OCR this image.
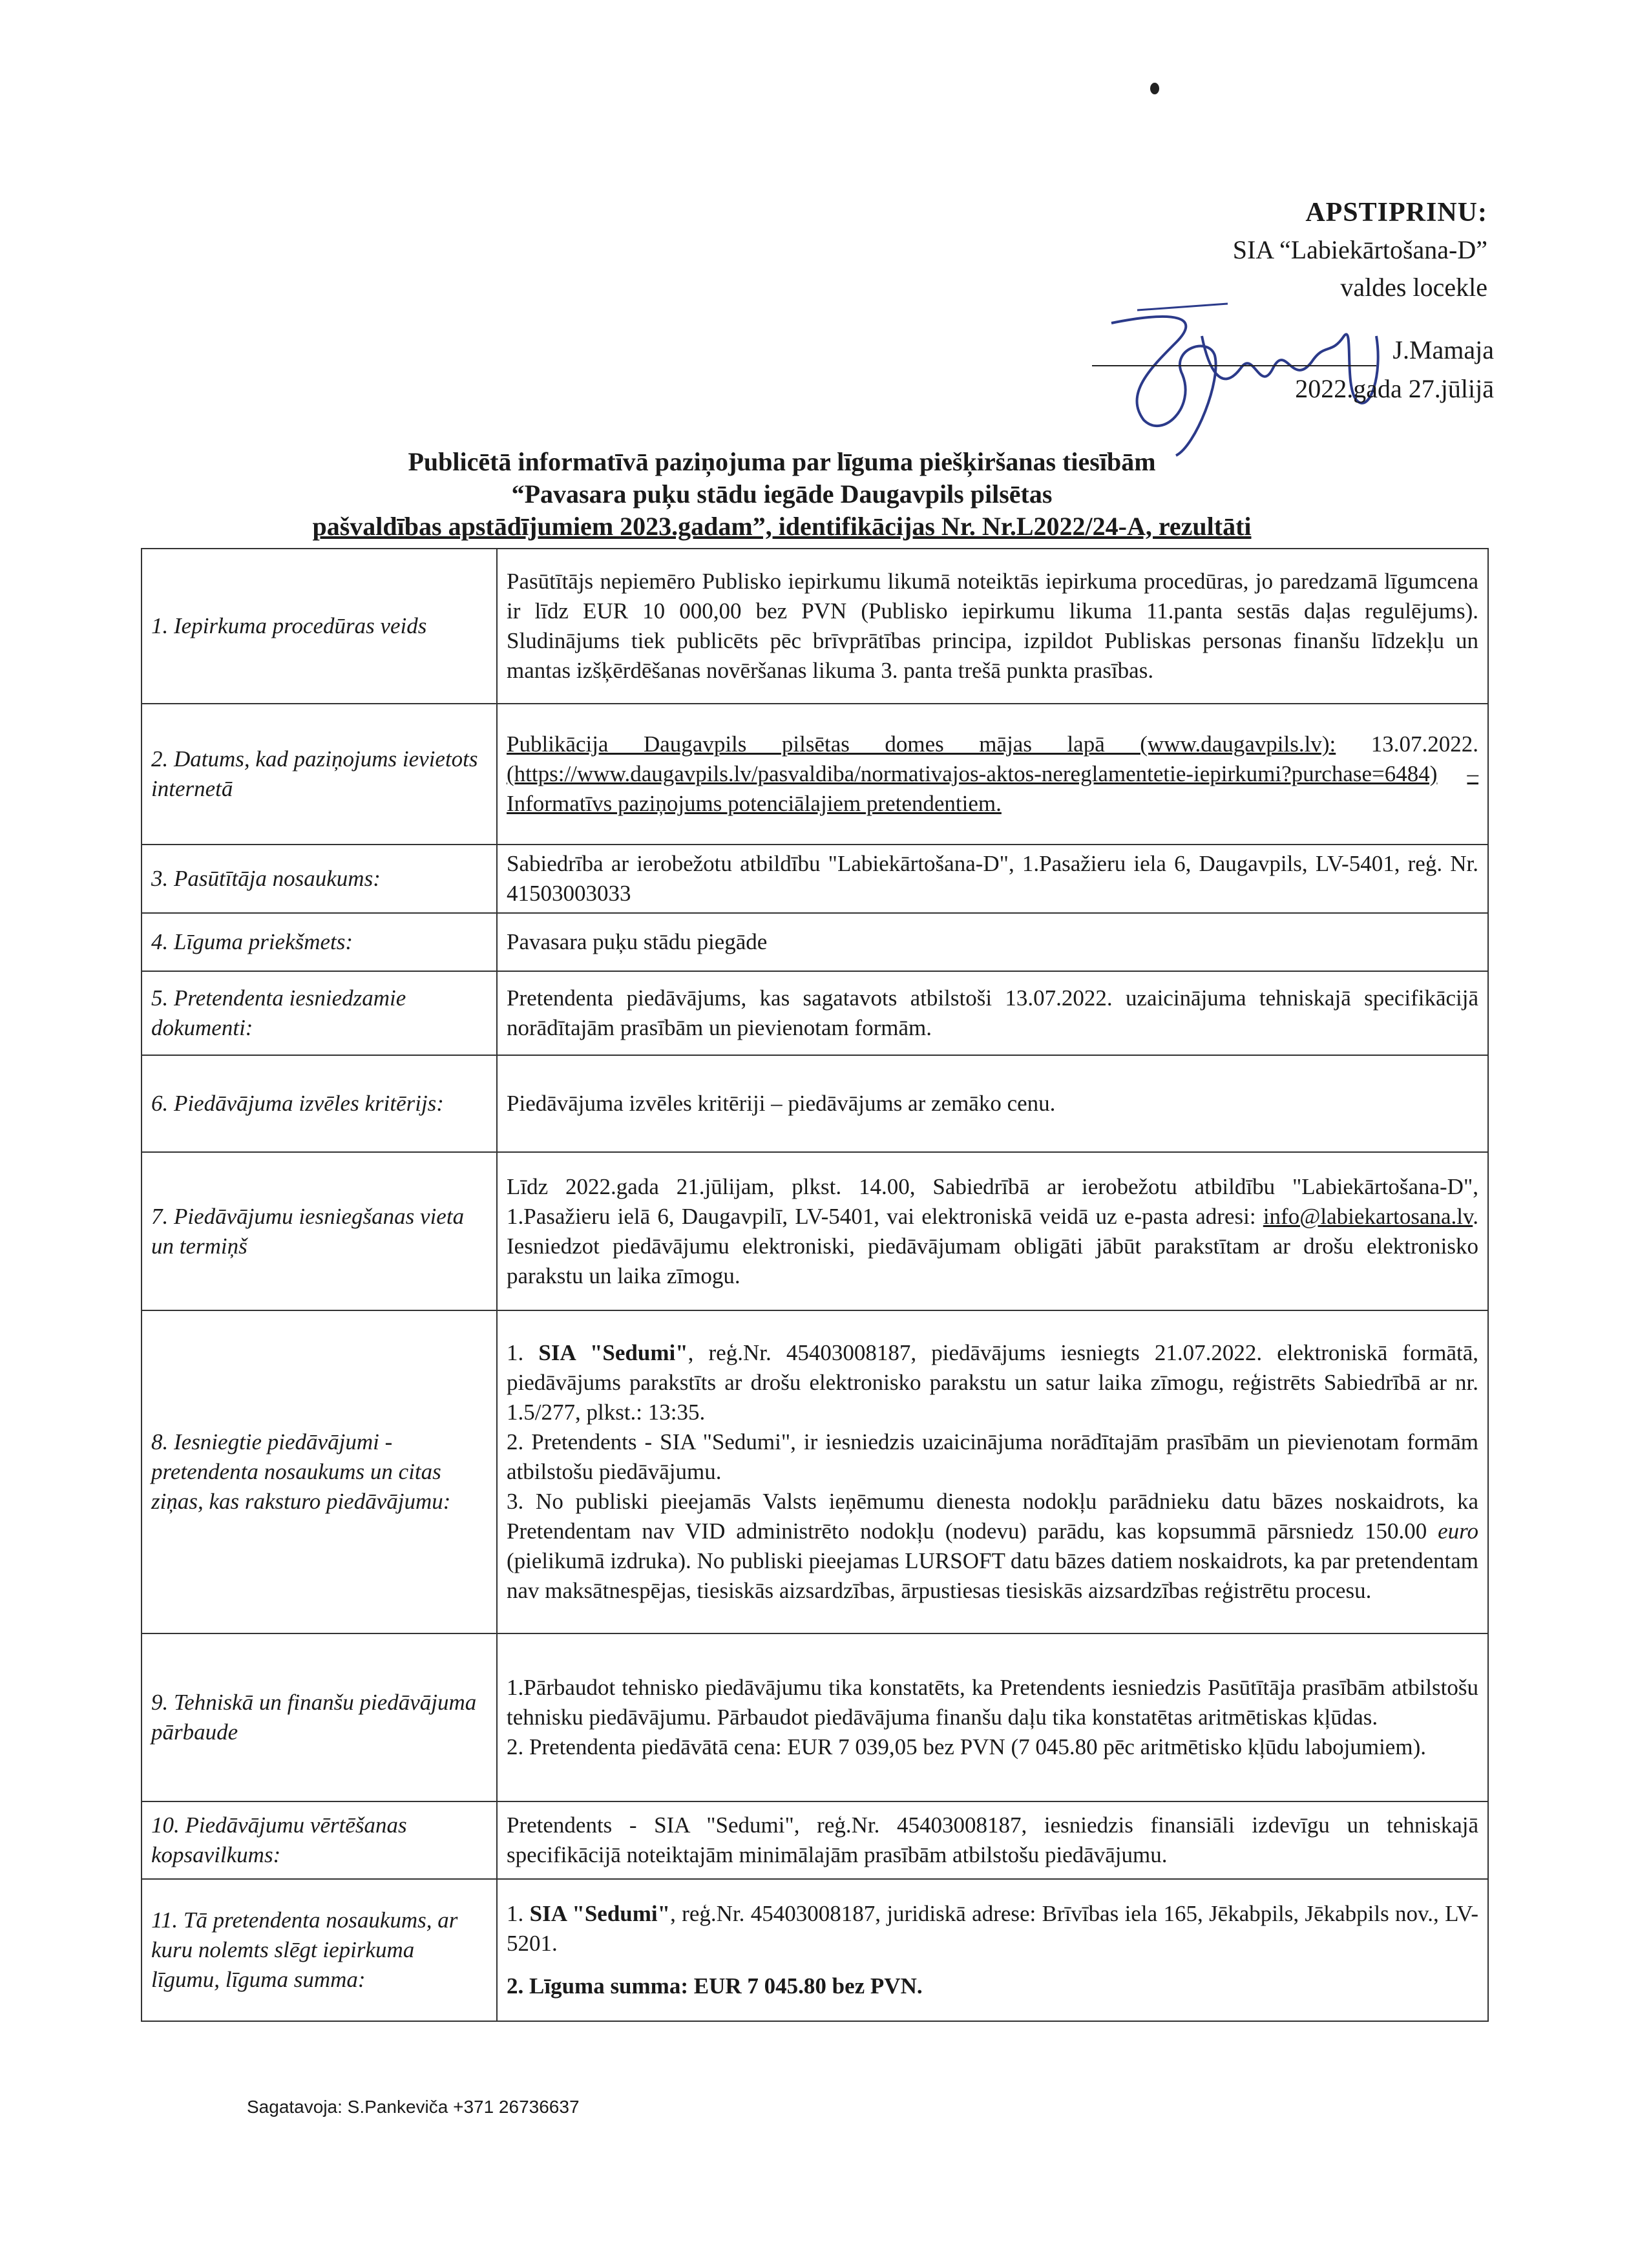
APSTIPRINU:
SIA “Labiekārtošana-D”
valdes locekle
J.Mamaja
2022.gada 27.jūlijā
Publicētā informatīvā paziņojuma par līguma piešķiršanas tiesībām
“Pavasara puķu stādu iegāde Daugavpils pilsētas
pašvaldības apstādījumiem 2023.gadam”, identifikācijas Nr. Nr.L2022/24-A, rezultāti
1. Iepirkuma procedūras veids	Pasūtītājs nepiemēro Publisko iepirkumu likumā noteiktās iepirkuma procedūras, jo paredzamā līgumcena ir līdz EUR 10 000,00 bez PVN (Publisko iepirkumu likuma 11.panta sestās daļas regulējums). Sludinājums tiek publicēts pēc brīvprātības principa, izpildot Publiskas personas finanšu līdzekļu un mantas izšķērdēšanas novēršanas likuma 3. panta trešā punkta prasības.
2. Datums, kad paziņojums ievietots internetā	Publikācija Daugavpils pilsētas domes mājas lapā (www.daugavpils.lv): 13.07.2022. (https://www.daugavpils.lv/pasvaldiba/normativajos-aktos-nereglamentetie-iepirkumi?purchase=6484) – Informatīvs paziņojums potenciālajiem pretendentiem.
3. Pasūtītāja nosaukums:	Sabiedrība ar ierobežotu atbildību "Labiekārtošana-D", 1.Pasažieru iela 6, Daugavpils, LV-5401, reģ. Nr. 41503003033
4. Līguma priekšmets:	Pavasara puķu stādu piegāde
5. Pretendenta iesniedzamie dokumenti:	Pretendenta piedāvājums, kas sagatavots atbilstoši 13.07.2022. uzaicinājuma tehniskajā specifikācijā norādītajām prasībām un pievienotam formām.
6. Piedāvājuma izvēles kritērijs:	Piedāvājuma izvēles kritēriji – piedāvājums ar zemāko cenu.
7. Piedāvājumu iesniegšanas vieta un termiņš	Līdz 2022.gada 21.jūlijam, plkst. 14.00, Sabiedrībā ar ierobežotu atbildību "Labiekārtošana-D", 1.Pasažieru ielā 6, Daugavpilī, LV-5401, vai elektroniskā veidā uz e-pasta adresi: info@labiekartosana.lv. Iesniedzot piedāvājumu elektroniski, piedāvājumam obligāti jābūt parakstītam ar drošu elektronisko parakstu un laika zīmogu.
8. Iesniegtie piedāvājumi - pretendenta nosaukums un citas ziņas, kas raksturo piedāvājumu:	1. SIA "Sedumi", reģ.Nr. 45403008187, piedāvājums iesniegts 21.07.2022. elektroniskā formātā, piedāvājums parakstīts ar drošu elektronisko parakstu un satur laika zīmogu, reģistrēts Sabiedrībā ar nr. 1.5/277, plkst.: 13:35.
2. Pretendents - SIA "Sedumi", ir iesniedzis uzaicinājuma norādītajām prasībām un pievienotam formām atbilstošu piedāvājumu.
3. No publiski pieejamās Valsts ieņēmumu dienesta nodokļu parādnieku datu bāzes noskaidrots, ka Pretendentam nav VID administrēto nodokļu (nodevu) parādu, kas kopsummā pārsniedz 150.00 euro (pielikumā izdruka). No publiski pieejamas LURSOFT datu bāzes datiem noskaidrots, ka par pretendentam nav maksātnespējas, tiesiskās aizsardzības, ārpustiesas tiesiskās aizsardzības reģistrētu procesu.

9. Tehniskā un finanšu piedāvājuma pārbaude	1.Pārbaudot tehnisko piedāvājumu tika konstatēts, ka Pretendents iesniedzis Pasūtītāja prasībām atbilstošu tehnisku piedāvājumu. Pārbaudot piedāvājuma finanšu daļu tika konstatētas aritmētiskas kļūdas.
2. Pretendenta piedāvātā cena: EUR 7 039,05 bez PVN (7 045.80 pēc aritmētisko kļūdu labojumiem).

10. Piedāvājumu vērtēšanas kopsavilkums:	Pretendents - SIA "Sedumi", reģ.Nr. 45403008187, iesniedzis finansiāli izdevīgu un tehniskajā specifikācijā noteiktajām minimālajām prasībām atbilstošu piedāvājumu.
11. Tā pretendenta nosaukums, ar kuru nolemts slēgt iepirkuma līgumu, līguma summa:	1. SIA "Sedumi", reģ.Nr. 45403008187, juridiskā adrese: Brīvības iela 165, Jēkabpils, Jēkabpils nov., LV-5201.
2. Līguma summa: EUR 7 045.80 bez PVN.
Sagatavoja: S.Pankeviča +371 26736637
